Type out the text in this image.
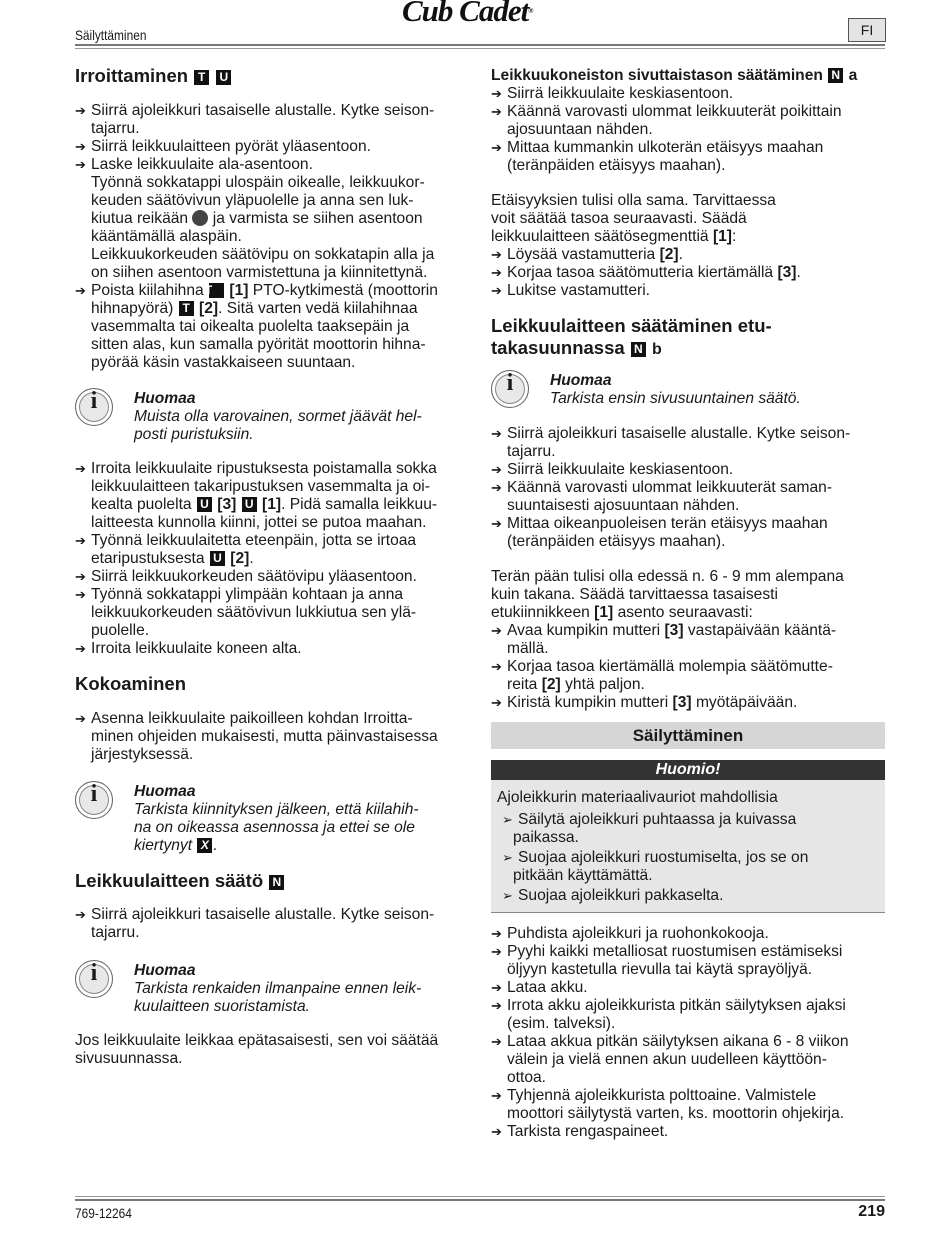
Säilyttäminen
Cub Cadet®
FI
Irroittaminen T U
➔ Siirrä ajoleikkuri tasaiselle alustalle. Kytke seison-
tajarru.
➔ Siirrä leikkuulaitteen pyörät yläasentoon.
➔ Laske leikkuulaite ala-asentoon.
Työnnä sokkatappi ulospäin oikealle, leikkuukor-
keuden säätövivun yläpuolelle ja anna sen luk-
kiutua reikään ja varmista se siihen asentoon
kääntämällä alaspäin.
Leikkuukorkeuden säätövipu on sokkatapin alla ja
on siihen asentoon varmistettuna ja kiinnitettynä.
➔ Poista kiilahihna T [1] PTO-kytkimestä (moottorin
hihnapyörä) T [2]. Sitä varten vedä kiilahihnaa
vasemmalta tai oikealta puolelta taaksepäin ja
sitten alas, kun samalla pyörität moottorin hihna-
pyörää käsin vastakkaiseen suuntaan.
i	Huomaa
Muista olla varovainen, sormet jäävät hel-
posti puristuksiin.
➔ Irroita leikkuulaite ripustuksesta poistamalla sokka
leikkuulaitteen takaripustuksen vasemmalta ja oi-
kealta puolelta U [3] U [1]. Pidä samalla leikkuu-
laitteesta kunnolla kiinni, jottei se putoa maahan.
➔ Työnnä leikkuulaitetta eteenpäin, jotta se irtoaa
etaripustuksesta U [2].
➔ Siirrä leikkuukorkeuden säätövipu yläasentoon.
➔ Työnnä sokkatappi ylimpään kohtaan ja anna
leikkuukorkeuden säätövivun lukkiutua sen ylä-
puolelle.
➔ Irroita leikkuulaite koneen alta.
Kokoaminen
➔ Asenna leikkuulaite paikoilleen kohdan Irroitta-
minen ohjeiden mukaisesti, mutta päinvastaisessa
järjestyksessä.
i	Huomaa
Tarkista kiinnityksen jälkeen, että kiilahih-
na on oikeassa asennossa ja ettei se ole
kiertynyt X .
Leikkuulaitteen säätö N
➔ Siirrä ajoleikkuri tasaiselle alustalle. Kytke seison-
tajarru.
i	Huomaa
Tarkista renkaiden ilmanpaine ennen leik-
kuulaitteen suoristamista.
Jos leikkuulaite leikkaa epätasaisesti, sen voi säätää
sivusuunnassa.
Leikkuukoneiston sivuttaistason säätäminen N a
➔ Siirrä leikkuulaite keskiasentoon.
➔ Käännä varovasti ulommat leikkuuterät poikittain
ajosuuntaan nähden.
➔ Mittaa kummankin ulkoterän etäisyys maahan
(teränpäiden etäisyys maahan).
Etäisyyksien tulisi olla sama. Tarvittaessa
voit säätää tasoa seuraavasti. Säädä
leikkuulaitteen säätösegmenttiä [1]:
➔ Löysää vastamutteria [2].
➔ Korjaa tasoa säätömutteria kiertämällä [3].
➔ Lukitse vastamutteri.
Leikkuulaitteen säätäminen etu-
takasuunnassa N b
i	Huomaa
Tarkista ensin sivusuuntainen säätö.
➔ Siirrä ajoleikkuri tasaiselle alustalle. Kytke seison-
tajarru.
➔ Siirrä leikkuulaite keskiasentoon.
➔ Käännä varovasti ulommat leikkuuterät saman-
suuntaisesti ajosuuntaan nähden.
➔ Mittaa oikeanpuoleisen terän etäisyys maahan
(teränpäiden etäisyys maahan).
Terän pään tulisi olla edessä n. 6 - 9 mm alempana
kuin takana. Säädä tarvittaessa tasaisesti
etukiinnikkeen [1] asento seuraavasti:
➔ Avaa kumpikin mutteri [3] vastapäivään kääntä-
mällä.
➔ Korjaa tasoa kiertämällä molempia säätömutte-
reita [2] yhtä paljon.
➔ Kiristä kumpikin mutteri [3] myötäpäivään.
Säilyttäminen
Huomio!
Ajoleikkurin materiaalivauriot mahdollisia
➢ Säilytä ajoleikkuri puhtaassa ja kuivassa
paikassa.
➢ Suojaa ajoleikkuri ruostumiselta, jos se on
pitkään käyttämättä.
➢ Suojaa ajoleikkuri pakkaselta.
➔ Puhdista ajoleikkuri ja ruohonkokooja.
➔ Pyyhi kaikki metalliosat ruostumisen estämiseksi
öljyyn kastetulla rievulla tai käytä sprayöljyä.
➔ Lataa akku.
➔ Irrota akku ajoleikkurista pitkän säilytyksen ajaksi
(esim. talveksi).
➔ Lataa akkua pitkän säilytyksen aikana 6 - 8 viikon
välein ja vielä ennen akun uudelleen käyttöön-
ottoa.
➔ Tyhjennä ajoleikkurista polttoaine. Valmistele
moottori säilytystä varten, ks. moottorin ohjekirja.
➔ Tarkista rengaspaineet.
769-12264	219
